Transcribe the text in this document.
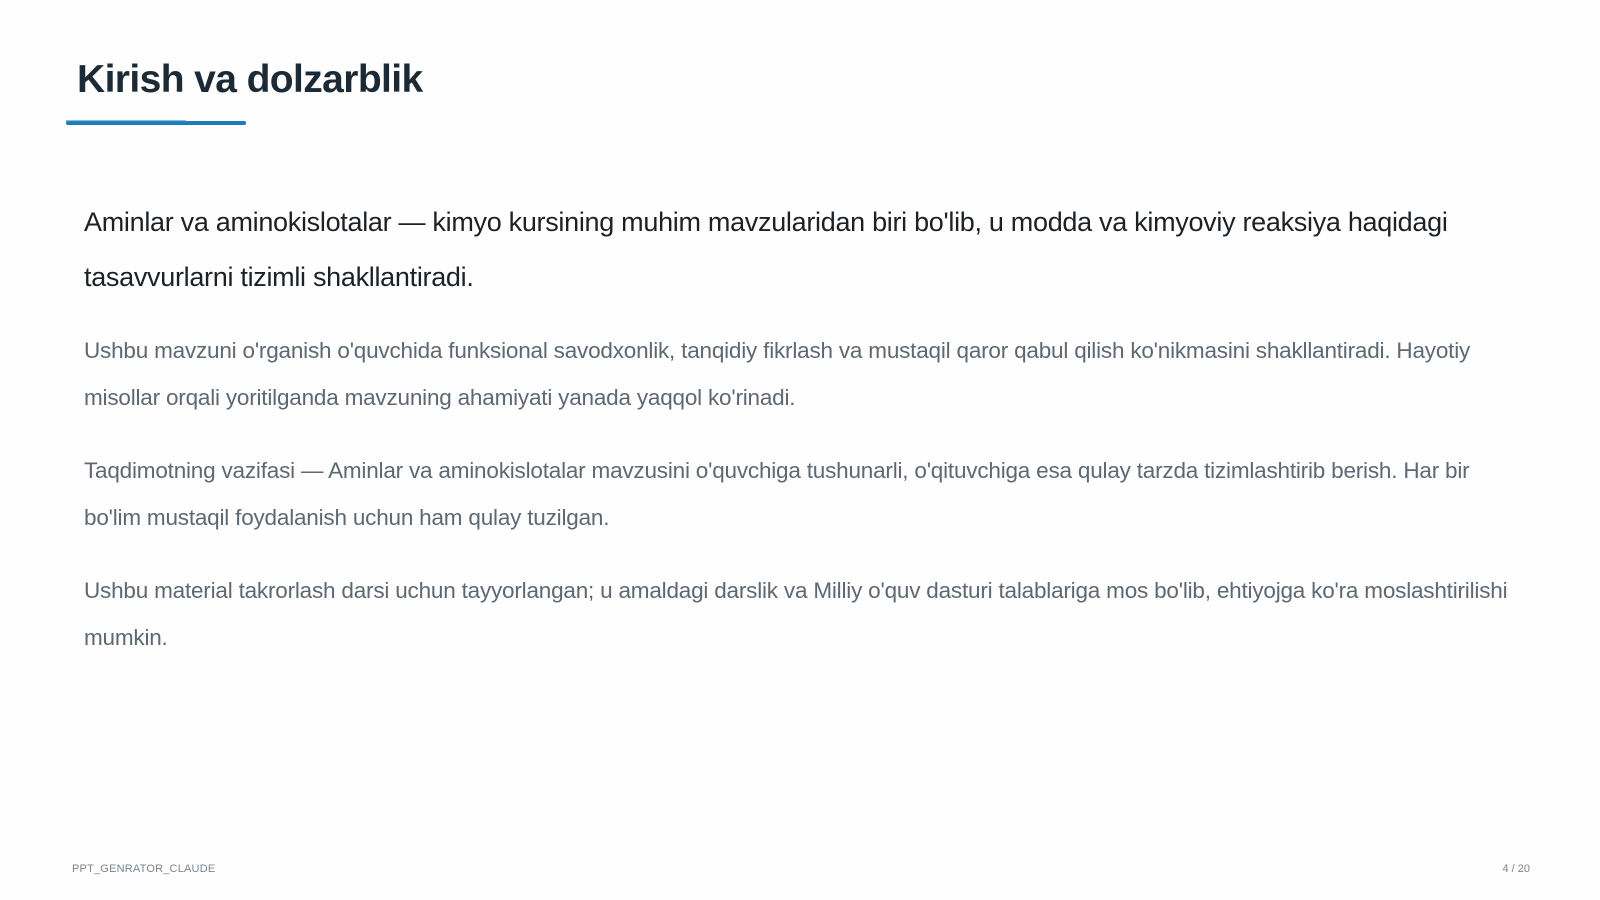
Kirish va dolzarblik

Aminlar va aminokislotalar — kimyo kursining muhim mavzularidan biri bo'lib, u modda va kimyoviy reaksiya haqidagi tasavvurlarni tizimli shakllantiradi.

Ushbu mavzuni o'rganish o'quvchida funksional savodxonlik, tanqidiy fikrlash va mustaqil qaror qabul qilish ko'nikmasini shakllantiradi. Hayotiy misollar orqali yoritilganda mavzuning ahamiyati yanada yaqqol ko'rinadi.

Taqdimotning vazifasi — Aminlar va aminokislotalar mavzusini o'quvchiga tushunarli, o'qituvchiga esa qulay tarzda tizimlashtirib berish. Har bir bo'lim mustaqil foydalanish uchun ham qulay tuzilgan.

Ushbu material takrorlash darsi uchun tayyorlangan; u amaldagi darslik va Milliy o'quv dasturi talablariga mos bo'lib, ehtiyojga ko'ra moslashtirilishi mumkin.

PPT_GENRATOR_CLAUDE	4 / 20
